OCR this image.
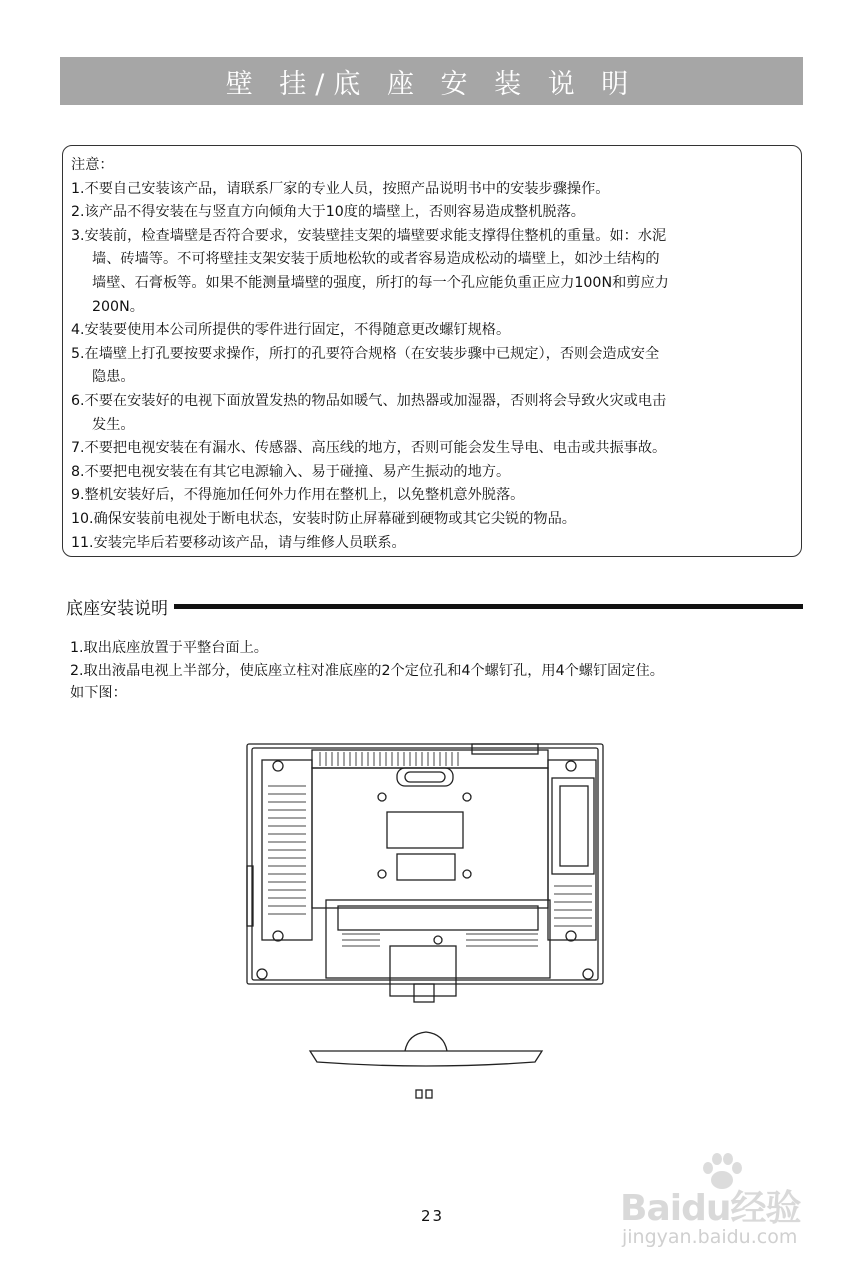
壁 挂/底 座 安 装 说 明
注意：
1.不要自己安装该产品，请联系厂家的专业人员，按照产品说明书中的安装步骤操作。
2.该产品不得安装在与竖直方向倾角大于10度的墙壁上，否则容易造成整机脱落。
3.安装前，检查墙壁是否符合要求，安装壁挂支架的墙壁要求能支撑得住整机的重量。如：水泥
墙、砖墙等。不可将壁挂支架安装于质地松软的或者容易造成松动的墙壁上，如沙土结构的
墙壁、石膏板等。如果不能测量墙壁的强度，所打的每一个孔应能负重正应力100N和剪应力
200N。
4.安装要使用本公司所提供的零件进行固定，不得随意更改螺钉规格。
5.在墙壁上打孔要按要求操作，所打的孔要符合规格（在安装步骤中已规定），否则会造成安全
隐患。
6.不要在安装好的电视下面放置发热的物品如暖气、加热器或加湿器，否则将会导致火灾或电击
发生。
7.不要把电视安装在有漏水、传感器、高压线的地方，否则可能会发生导电、电击或共振事故。
8.不要把电视安装在有其它电源输入、易于碰撞、易产生振动的地方。
9.整机安装好后，不得施加任何外力作用在整机上，以免整机意外脱落。
10.确保安装前电视处于断电状态，安装时防止屏幕碰到硬物或其它尖锐的物品。
11.安装完毕后若要移动该产品，请与维修人员联系。
底座安装说明
1.取出底座放置于平整台面上。
2.取出液晶电视上半部分，使底座立柱对准底座的2个定位孔和4个螺钉孔，用4个螺钉固定住。
如下图：
23	Baidu经验
jingyan.baidu.com
